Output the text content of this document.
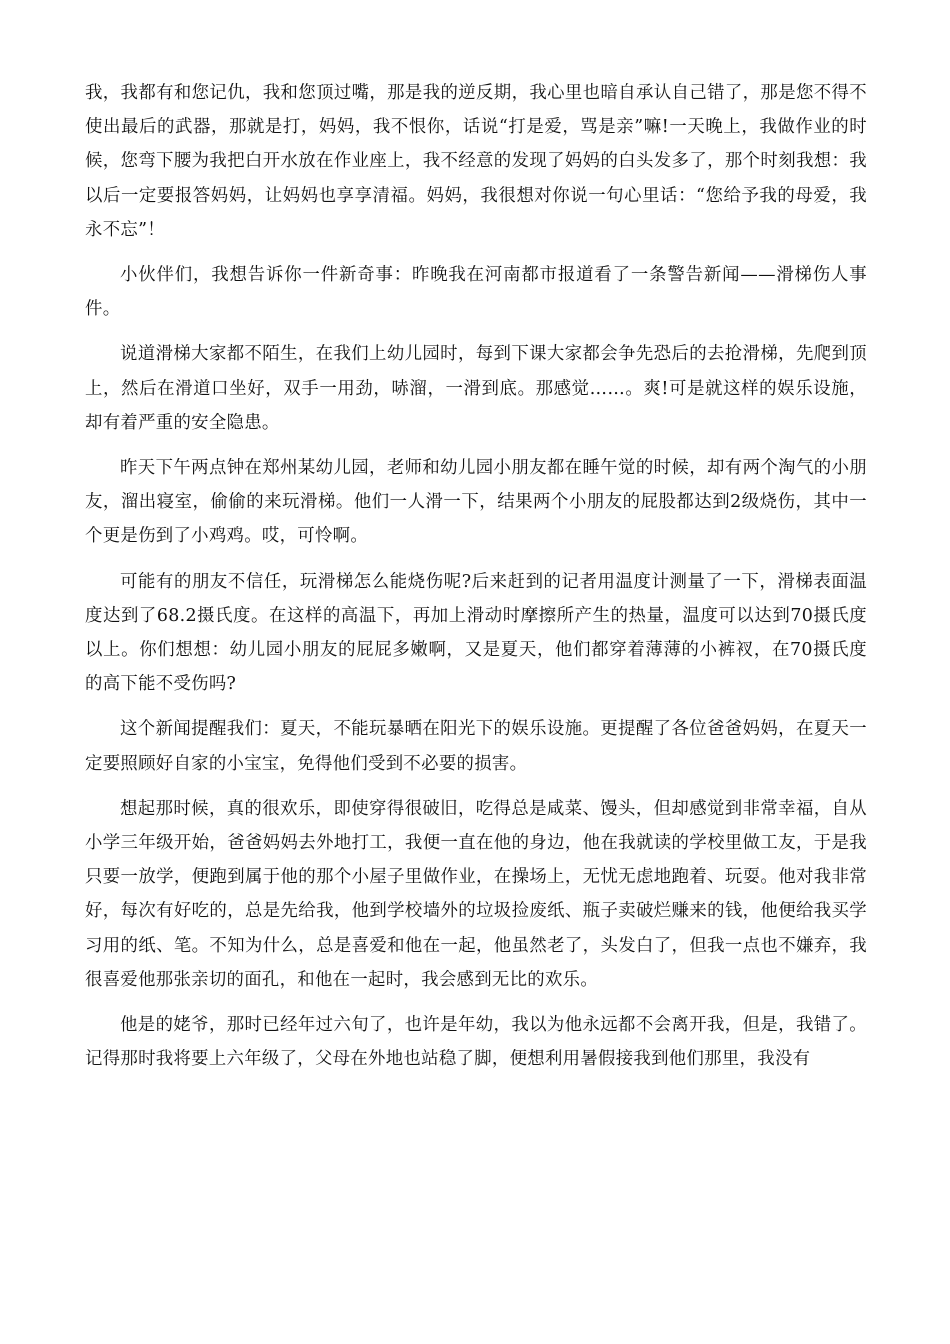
我，我都有和您记仇，我和您顶过嘴，那是我的逆反期，我心里也暗自承认自己错了，那是您不得不使出最后的武器，那就是打，妈妈，我不恨你，话说“打是爱，骂是亲”嘛!一天晚上，我做作业的时候，您弯下腰为我把白开水放在作业座上，我不经意的发现了妈妈的白头发多了，那个时刻我想：我以后一定要报答妈妈，让妈妈也享享清福。妈妈，我很想对你说一句心里话：“您给予我的母爱，我永不忘”！

小伙伴们，我想告诉你一件新奇事：昨晚我在河南都市报道看了一条警告新闻——滑梯伤人事件。

说道滑梯大家都不陌生，在我们上幼儿园时，每到下课大家都会争先恐后的去抢滑梯，先爬到顶上，然后在滑道口坐好，双手一用劲，哧溜，一滑到底。那感觉……。爽!可是就这样的娱乐设施，却有着严重的安全隐患。

昨天下午两点钟在郑州某幼儿园，老师和幼儿园小朋友都在睡午觉的时候，却有两个淘气的小朋友，溜出寝室，偷偷的来玩滑梯。他们一人滑一下，结果两个小朋友的屁股都达到2级烧伤，其中一个更是伤到了小鸡鸡。哎，可怜啊。

可能有的朋友不信任，玩滑梯怎么能烧伤呢?后来赶到的记者用温度计测量了一下，滑梯表面温度达到了68.2摄氏度。在这样的高温下，再加上滑动时摩擦所产生的热量，温度可以达到70摄氏度以上。你们想想：幼儿园小朋友的屁屁多嫩啊，又是夏天，他们都穿着薄薄的小裤衩，在70摄氏度的高下能不受伤吗?

这个新闻提醒我们：夏天，不能玩暴晒在阳光下的娱乐设施。更提醒了各位爸爸妈妈，在夏天一定要照顾好自家的小宝宝，免得他们受到不必要的损害。

想起那时候，真的很欢乐，即使穿得很破旧，吃得总是咸菜、馒头，但却感觉到非常幸福，自从小学三年级开始，爸爸妈妈去外地打工，我便一直在他的身边，他在我就读的学校里做工友，于是我只要一放学，便跑到属于他的那个小屋子里做作业，在操场上，无忧无虑地跑着、玩耍。他对我非常好，每次有好吃的，总是先给我，他到学校墙外的垃圾捡废纸、瓶子卖破烂赚来的钱，他便给我买学习用的纸、笔。不知为什么，总是喜爱和他在一起，他虽然老了，头发白了，但我一点也不嫌弃，我很喜爱他那张亲切的面孔，和他在一起时，我会感到无比的欢乐。

他是的姥爷，那时已经年过六旬了，也许是年幼，我以为他永远都不会离开我，但是，我错了。记得那时我将要上六年级了，父母在外地也站稳了脚，便想利用暑假接我到他们那里，我没有
